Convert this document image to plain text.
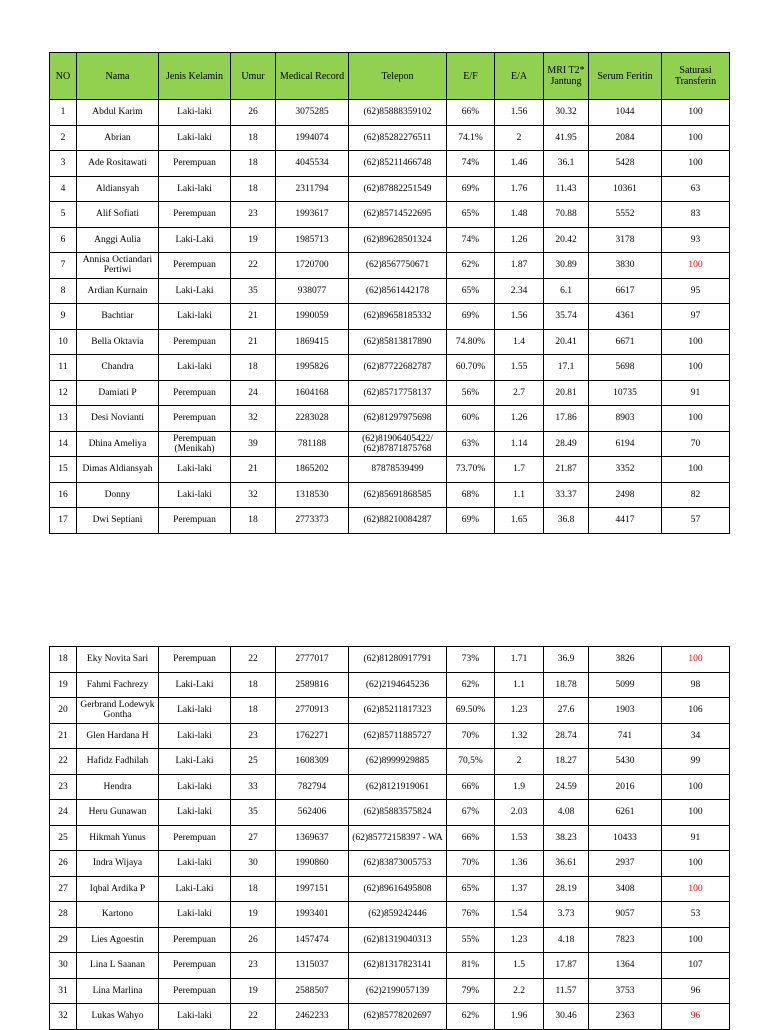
NO	Nama	Jenis Kelamin	Umur	Medical Record	Telepon	E/F	E/A	MRI T2* Jantung	Serum Feritin	Saturasi Transferin
1	Abdul Karim	Laki-laki	26	3075285	(62)85888359102	66%	1.56	30.32	1044	100
2	Abrian	Laki-laki	18	1994074	(62)85282276511	74.1%	2	41.95	2084	100
3	Ade Rositawati	Perempuan	18	4045534	(62)85211466748	74%	1.46	36.1	5428	100
4	Aldiansyah	Laki-laki	18	2311794	(62)87882251549	69%	1.76	11.43	10361	63
5	Alif Sofiati	Perempuan	23	1993617	(62)85714522695	65%	1.48	70.88	5552	83
6	Anggi Aulia	Laki-Laki	19	1985713	(62)89628501324	74%	1.26	20.42	3178	93
7	Annisa Octiandari Pertiwi	Perempuan	22	1720700	(62)8567750671	62%	1.87	30.89	3830	100
8	Ardian Kurnain	Laki-Laki	35	938077	(62)8561442178	65%	2.34	6.1	6617	95
9	Bachtiar	Laki-laki	21	1990059	(62)89658185332	69%	1.56	35.74	4361	97
10	Bella Oktavia	Perempuan	21	1869415	(62)85813817890	74.80%	1.4	20.41	6671	100
11	Chandra	Laki-laki	18	1995826	(62)87722682787	60.70%	1.55	17.1	5698	100
12	Damiati P	Perempuan	24	1604168	(62)85717758137	56%	2.7	20.81	10735	91
13	Desi Novianti	Perempuan	32	2283028	(62)81297975698	60%	1.26	17.86	8903	100
14	Dhina Ameliya	Perempuan (Menikah)	39	781188	(62)81906405422/ (62)87871875768	63%	1.14	28.49	6194	70
15	Dimas Aldiansyah	Laki-laki	21	1865202	87878539499	73.70%	1.7	21.87	3352	100
16	Donny	Laki-laki	32	1318530	(62)85691868585	68%	1.1	33.37	2498	82
17	Dwi Septiani	Perempuan	18	2773373	(62)88210084287	69%	1.65	36.8	4417	57
18	Eky Novita Sari	Perempuan	22	2777017	(62)81280917791	73%	1.71	36.9	3826	100
19	Fahmi Fachrezy	Laki-Laki	18	2589816	(62)2194645236	62%	1.1	18.78	5099	98
20	Gerbrand Lodewyk Gontha	Laki-laki	18	2770913	(62)85211817323	69.50%	1.23	27.6	1903	106
21	Glen Hardana H	Laki-laki	23	1762271	(62)85711885727	70%	1.32	28.74	741	34
22	Hafidz Fadhilah	Laki-Laki	25	1608309	(62)8999929885	70,5%	2	18.27	5430	99
23	Hendra	Laki-laki	33	782794	(62)8121919061	66%	1.9	24.59	2016	100
24	Heru Gunawan	Laki-laki	35	562406	(62)85883575824	67%	2.03	4.08	6261	100
25	Hikmah Yunus	Perempuan	27	1369637	(62)85772158397 - WA	66%	1.53	38.23	10433	91
26	Indra Wijaya	Laki-laki	30	1990860	(62)83873005753	70%	1.36	36.61	2937	100
27	Iqbal Ardika P	Laki-Laki	18	1997151	(62)89616495808	65%	1.37	28.19	3408	100
28	Kartono	Laki-laki	19	1993401	(62)859242446	76%	1.54	3.73	9057	53
29	Lies Agoestin	Perempuan	26	1457474	(62)81319040313	55%	1.23	4.18	7823	100
30	Lina L Saanan	Perempuan	23	1315037	(62)81317823141	81%	1.5	17.87	1364	107
31	Lina Marlina	Perempuan	19	2588507	(62)2199057139	79%	2.2	11.57	3753	96
32	Lukas Wahyo	Laki-laki	22	2462233	(62)85778202697	62%	1.96	30.46	2363	96
